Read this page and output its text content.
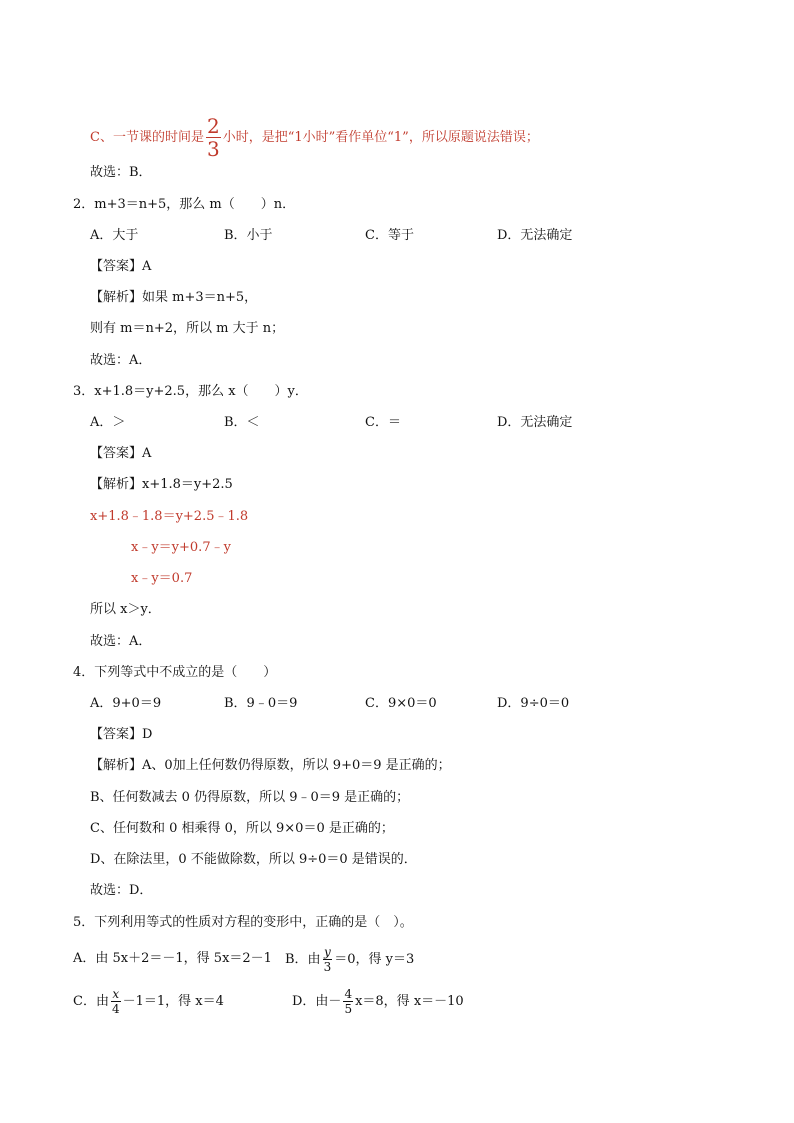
C、一节课的时间是 $\frac{2}{3}$ 小时，是把“1小时”看作单位“1”，所以原题说法错误；
故选：B．
2．m+3＝n+5，那么 m（　　）n．
A．大于	B．小于	C．等于	D．无法确定
【答案】A
【解析】如果 m+3＝n+5，
则有 m＝n+2，所以 m 大于 n；
故选：A．
3．x+1.8＝y+2.5，那么 x（　　）y．
A．＞	B．＜	C．＝	D．无法确定
【答案】A
【解析】x+1.8＝y+2.5
x+1.8﹣1.8＝y+2.5﹣1.8
x﹣y＝y+0.7﹣y
x﹣y＝0.7
所以 x＞y．
故选：A．
4．下列等式中不成立的是（　　）
A．9+0＝9	B．9﹣0＝9	C．9×0＝0	D．9÷0＝0
【答案】D
【解析】A、0加上任何数仍得原数，所以 9+0＝9 是正确的；
B、任何数减去 0 仍得原数，所以 9﹣0＝9 是正确的；
C、任何数和 0 相乘得 0，所以 9×0＝0 是正确的；
D、在除法里，0 不能做除数，所以 9÷0＝0 是错误的．
故选：D．
5．下列利用等式的性质对方程的变形中，正确的是（　）。
A．由 5x＋2＝－1，得 5x＝2－1 B．由 $\frac{y}{3} =0$，得 y＝3
C．由 $\frac{x}{4} -1=1$，得 x＝4	D．由－ $\frac{4}{5} x=8$，得 x＝－10
